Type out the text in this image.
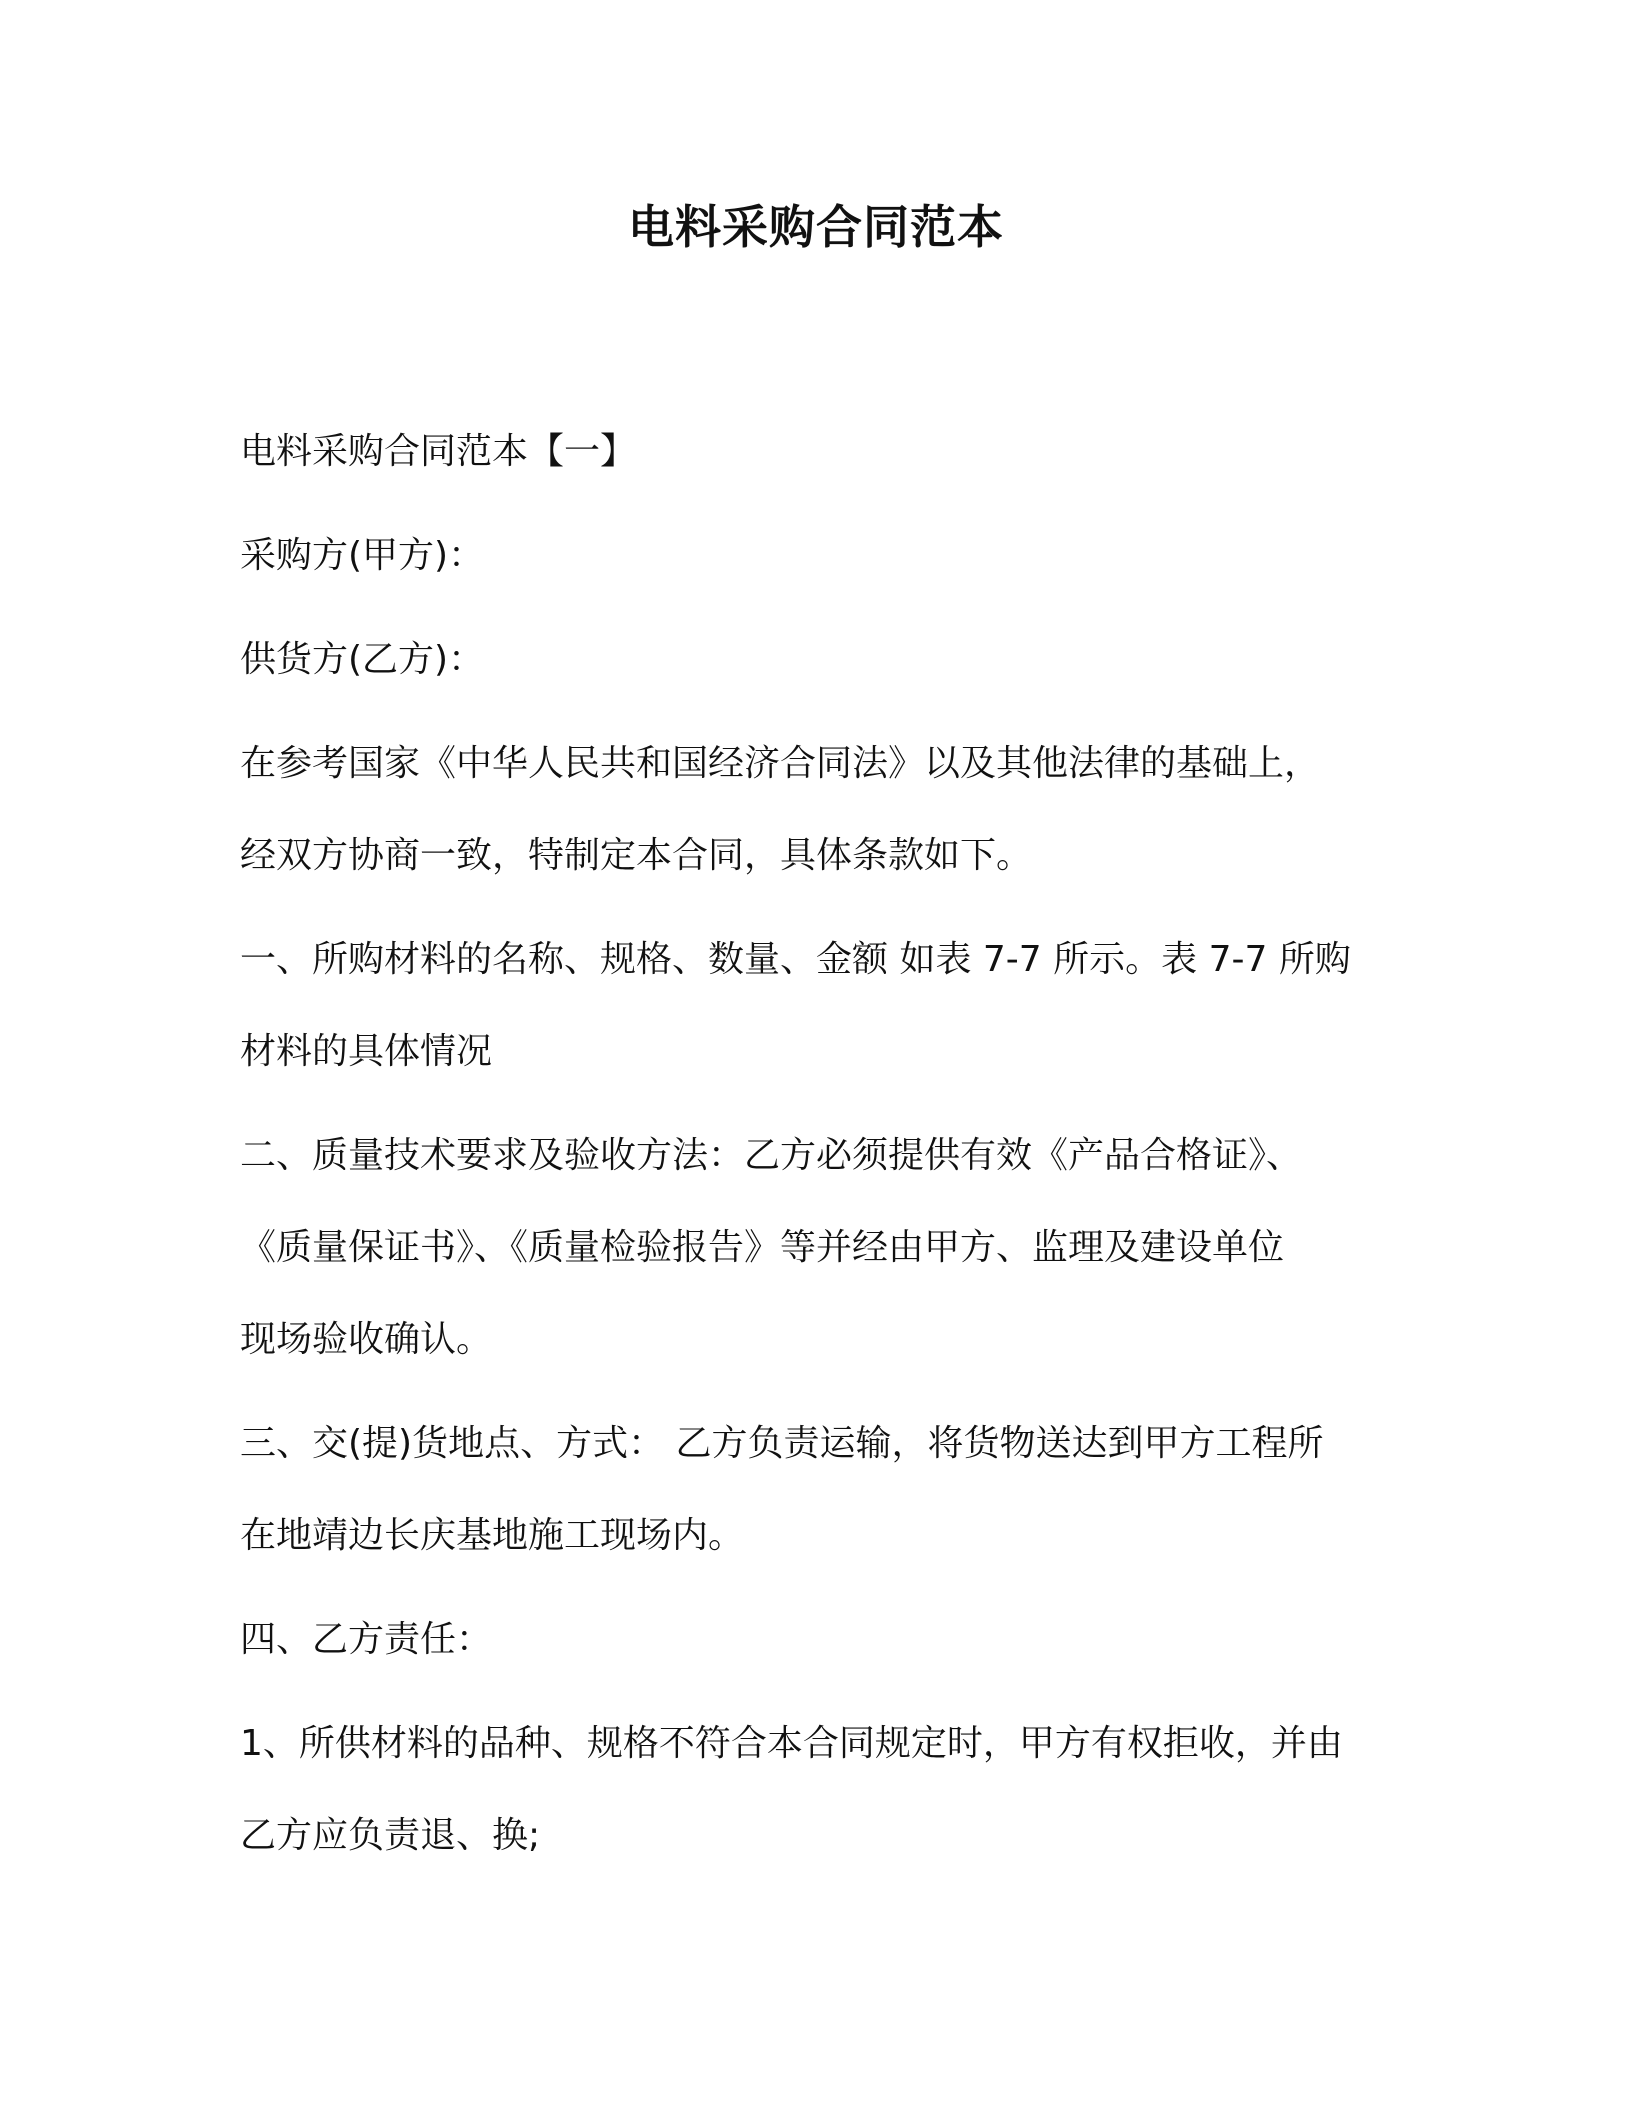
电料采购合同范本

电料采购合同范本【一】

采购方(甲方)：

供货方(乙方)：

在参考国家《中华人民共和国经济合同法》以及其他法律的基础上，
经双方协商一致，特制定本合同，具体条款如下。

一、所购材料的名称、规格、数量、金额 如表 7-7 所示。表 7-7 所购
材料的具体情况

二、质量技术要求及验收方法：乙方必须提供有效《产品合格证》、
《质量保证书》、《质量检验报告》等并经由甲方、监理及建设单位
现场验收确认。

三、交(提)货地点、方式： 乙方负责运输，将货物送达到甲方工程所
在地靖边长庆基地施工现场内。

四、乙方责任：

1、所供材料的品种、规格不符合本合同规定时，甲方有权拒收，并由
乙方应负责退、换;
